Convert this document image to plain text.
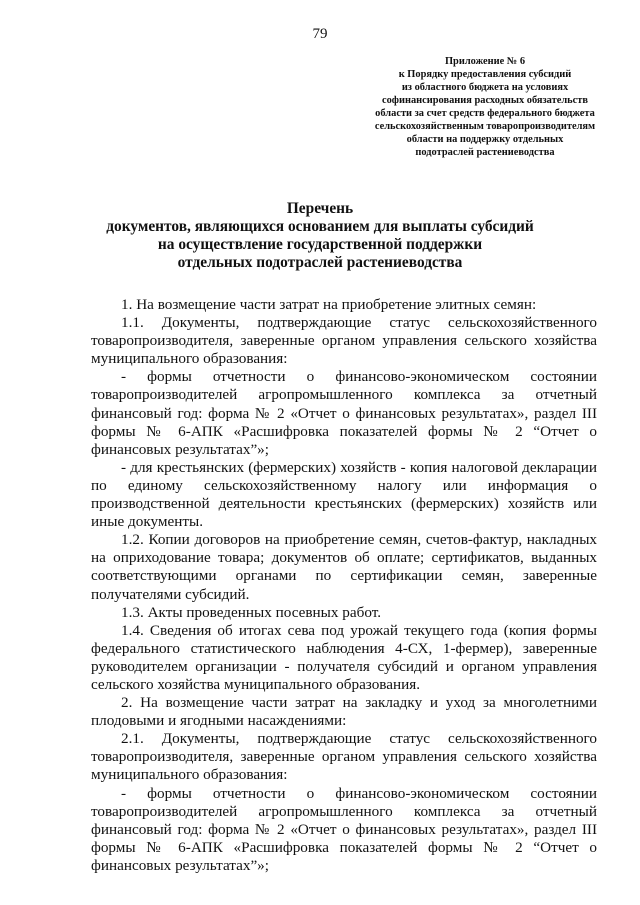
79
Приложение № 6
к Порядку предоставления субсидий
из областного бюджета на условиях
софинансирования расходных обязательств
области за счет средств федерального бюджета
сельскохозяйственным товаропроизводителям
области на поддержку отдельных
подотраслей растениеводства
Перечень
документов, являющихся основанием для выплаты субсидий
на осуществление государственной поддержки
отдельных подотраслей растениеводства

1. На возмещение части затрат на приобретение элитных семян:

1.1. Документы, подтверждающие статус сельскохозяйственного товаропроизводителя, заверенные органом управления сельского хозяйства муниципального образования:

- формы отчетности о финансово-экономическом состоянии товаропроизводителей агропромышленного комплекса за отчетный финансовый год: форма № 2 «Отчет о финансовых результатах», раздел III формы № 6-АПК «Расшифровка показателей формы № 2 “Отчет о финансовых результатах”»;

- для крестьянских (фермерских) хозяйств - копия налоговой декларации по единому сельскохозяйственному налогу или информация о производственной деятельности крестьянских (фермерских) хозяйств или иные документы.

1.2. Копии договоров на приобретение семян, счетов-фактур, накладных на оприходование товара; документов об оплате; сертификатов, выданных соответствующими органами по сертификации семян, заверенные получателями субсидий.

1.3. Акты проведенных посевных работ.

1.4. Сведения об итогах сева под урожай текущего года (копия формы федерального статистического наблюдения 4-СХ, 1-фермер), заверенные руководителем организации - получателя субсидий и органом управления сельского хозяйства муниципального образования.

2. На возмещение части затрат на закладку и уход за многолетними плодовыми и ягодными насаждениями:

2.1. Документы, подтверждающие статус сельскохозяйственного товаропроизводителя, заверенные органом управления сельского хозяйства муниципального образования:

- формы отчетности о финансово-экономическом состоянии товаропроизводителей агропромышленного комплекса за отчетный финансовый год: форма № 2 «Отчет о финансовых результатах», раздел III формы № 6-АПК «Расшифровка показателей формы № 2 “Отчет о финансовых результатах”»;
